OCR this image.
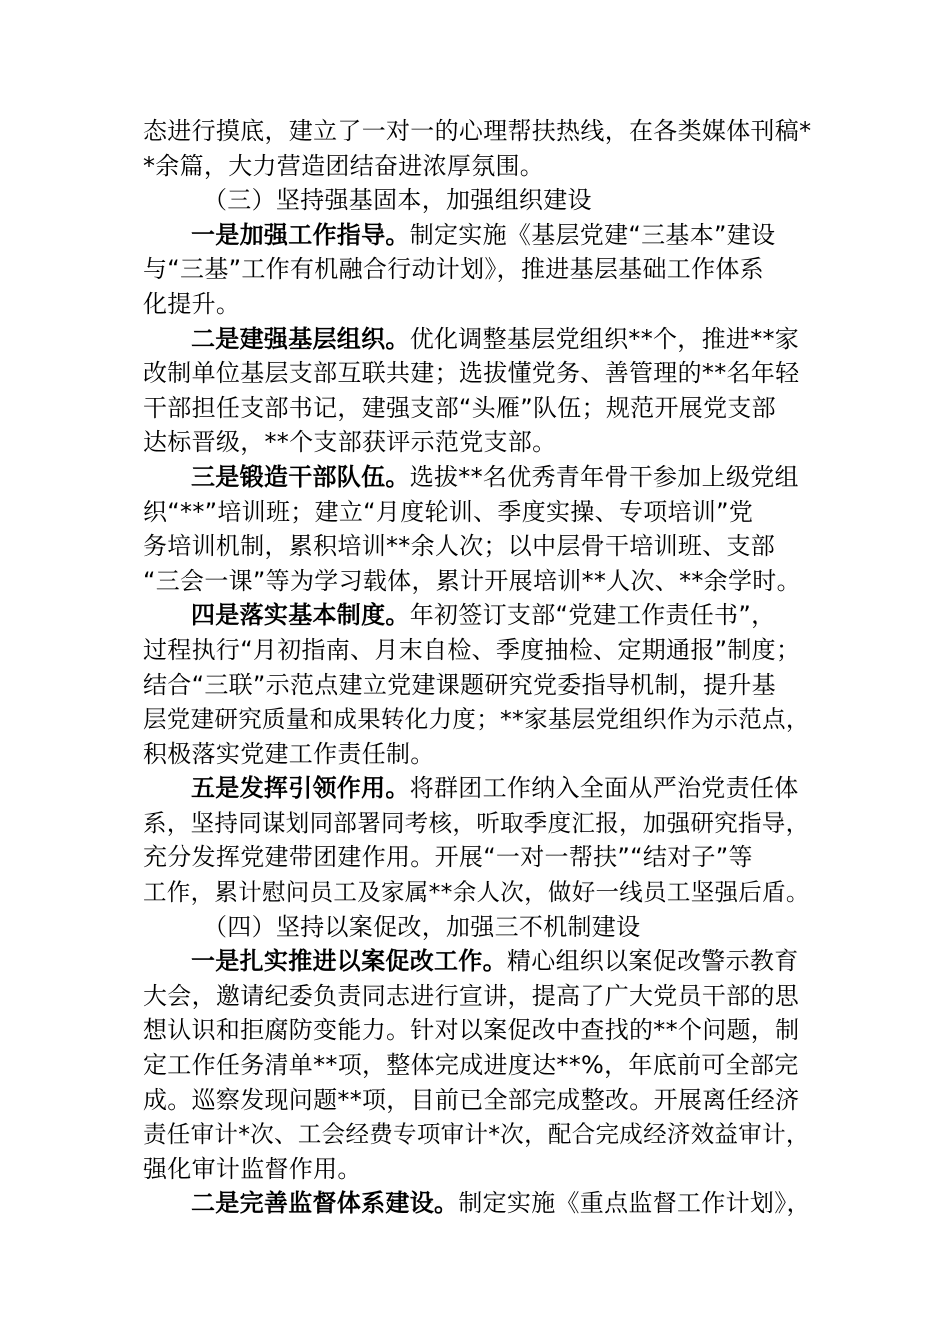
态进行摸底，建立了一对一的心理帮扶热线，在各类媒体刊稿*
*余篇，大力营造团结奋进浓厚氛围。
（三）坚持强基固本，加强组织建设
一是加强工作指导。制定实施《基层党建“三基本”建设
与“三基”工作有机融合行动计划》，推进基层基础工作体系
化提升。
二是建强基层组织。优化调整基层党组织**个，推进**家
改制单位基层支部互联共建；选拔懂党务、善管理的**名年轻
干部担任支部书记，建强支部“头雁”队伍；规范开展党支部
达标晋级，**个支部获评示范党支部。
三是锻造干部队伍。选拔**名优秀青年骨干参加上级党组
织“**”培训班；建立“月度轮训、季度实操、专项培训”党
务培训机制，累积培训**余人次；以中层骨干培训班、支部
“三会一课”等为学习载体，累计开展培训**人次、**余学时。
四是落实基本制度。年初签订支部“党建工作责任书”，
过程执行“月初指南、月末自检、季度抽检、定期通报”制度；
结合“三联”示范点建立党建课题研究党委指导机制，提升基
层党建研究质量和成果转化力度；**家基层党组织作为示范点，
积极落实党建工作责任制。
五是发挥引领作用。将群团工作纳入全面从严治党责任体
系，坚持同谋划同部署同考核，听取季度汇报，加强研究指导，
充分发挥党建带团建作用。开展“一对一帮扶”“结对子”等
工作，累计慰问员工及家属**余人次，做好一线员工坚强后盾。
（四）坚持以案促改，加强三不机制建设
一是扎实推进以案促改工作。精心组织以案促改警示教育
大会，邀请纪委负责同志进行宣讲，提高了广大党员干部的思
想认识和拒腐防变能力。针对以案促改中查找的**个问题，制
定工作任务清单**项，整体完成进度达**%，年底前可全部完
成。巡察发现问题**项，目前已全部完成整改。开展离任经济
责任审计*次、工会经费专项审计*次，配合完成经济效益审计，
强化审计监督作用。
二是完善监督体系建设。制定实施《重点监督工作计划》，
